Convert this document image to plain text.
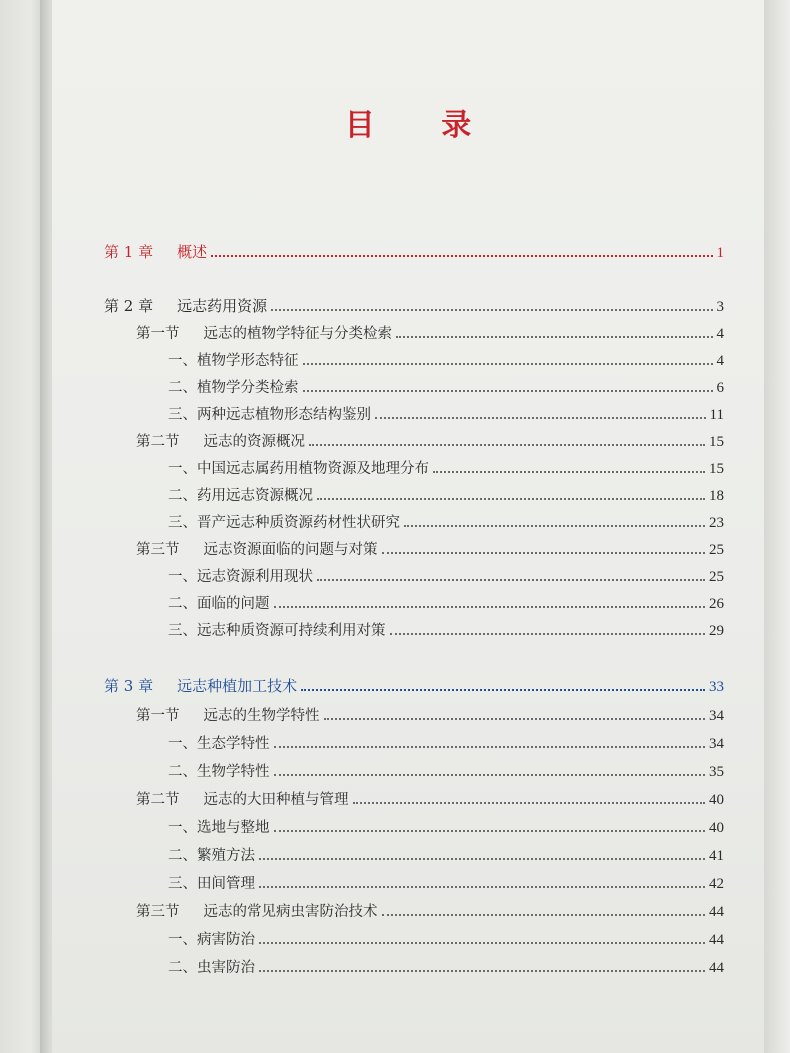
目 录
第 1 章 概述	1
第 2 章 远志药用资源	3
第一节 远志的植物学特征与分类检索	4
一、植物学形态特征	4
二、植物学分类检索	6
三、两种远志植物形态结构鉴别	11
第二节 远志的资源概况	15
一、中国远志属药用植物资源及地理分布	15
二、药用远志资源概况	18
三、晋产远志种质资源药材性状研究	23
第三节 远志资源面临的问题与对策	25
一、远志资源利用现状	25
二、面临的问题	26
三、远志种质资源可持续利用对策	29
第 3 章 远志种植加工技术	33
第一节 远志的生物学特性	34
一、生态学特性	34
二、生物学特性	35
第二节 远志的大田种植与管理	40
一、选地与整地	40
二、繁殖方法	41
三、田间管理	42
第三节 远志的常见病虫害防治技术	44
一、病害防治	44
二、虫害防治	44
